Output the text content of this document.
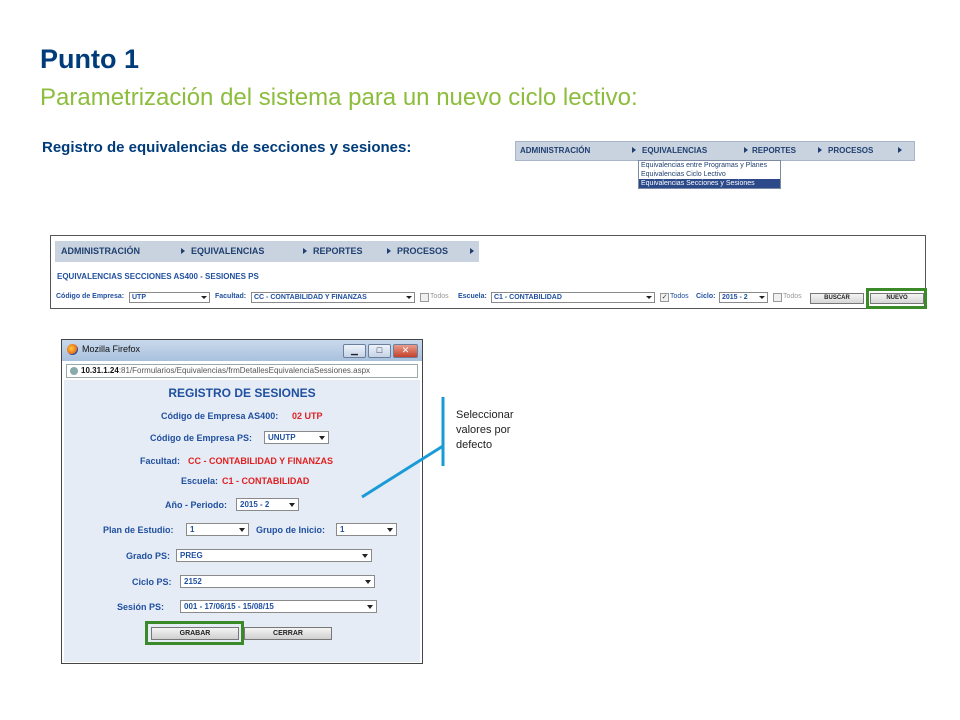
Punto 1
Parametrización del sistema para un nuevo ciclo lectivo:
Registro de equivalencias de secciones y sesiones:	ADMINISTRACIÓN	EQUIVALENCIAS	REPORTES	PROCESOS
Equivalencias entre Programas y Planes
Equivalencias Ciclo Lectivo
Equivalencias Secciones y Sesiones
ADMINISTRACIÓN	EQUIVALENCIAS	REPORTES	PROCESOS
EQUIVALENCIAS SECCIONES AS400 - SESIONES PS
Código de Empresa:	UTP	Facultad:	CC - CONTABILIDAD Y FINANZAS	Todos Escuela:	C1 - CONTABILIDAD	✓ Todos Ciclo: 2015 - 2	Todos	BUSCAR	NUEVO
Mozilla Firefox	▁	□	✕
10.31.1.24:81/Formularios/Equivalencias/frmDetallesEquivalenciaSessiones.aspx
REGISTRO DE SESIONES
Código de Empresa AS400: 02 UTP
Código de Empresa PS:	UNUTP
Facultad: CC - CONTABILIDAD Y FINANZAS
Escuela: C1 - CONTABILIDAD
Año - Periodo:	2015 - 2
Plan de Estudio:	1	Grupo de Inicio:	1
Grado PS:	PREG
Ciclo PS:	2152
Sesión PS:	001 - 17/06/15 - 15/08/15
GRABAR	CERRAR
Seleccionar
valores por
defecto
